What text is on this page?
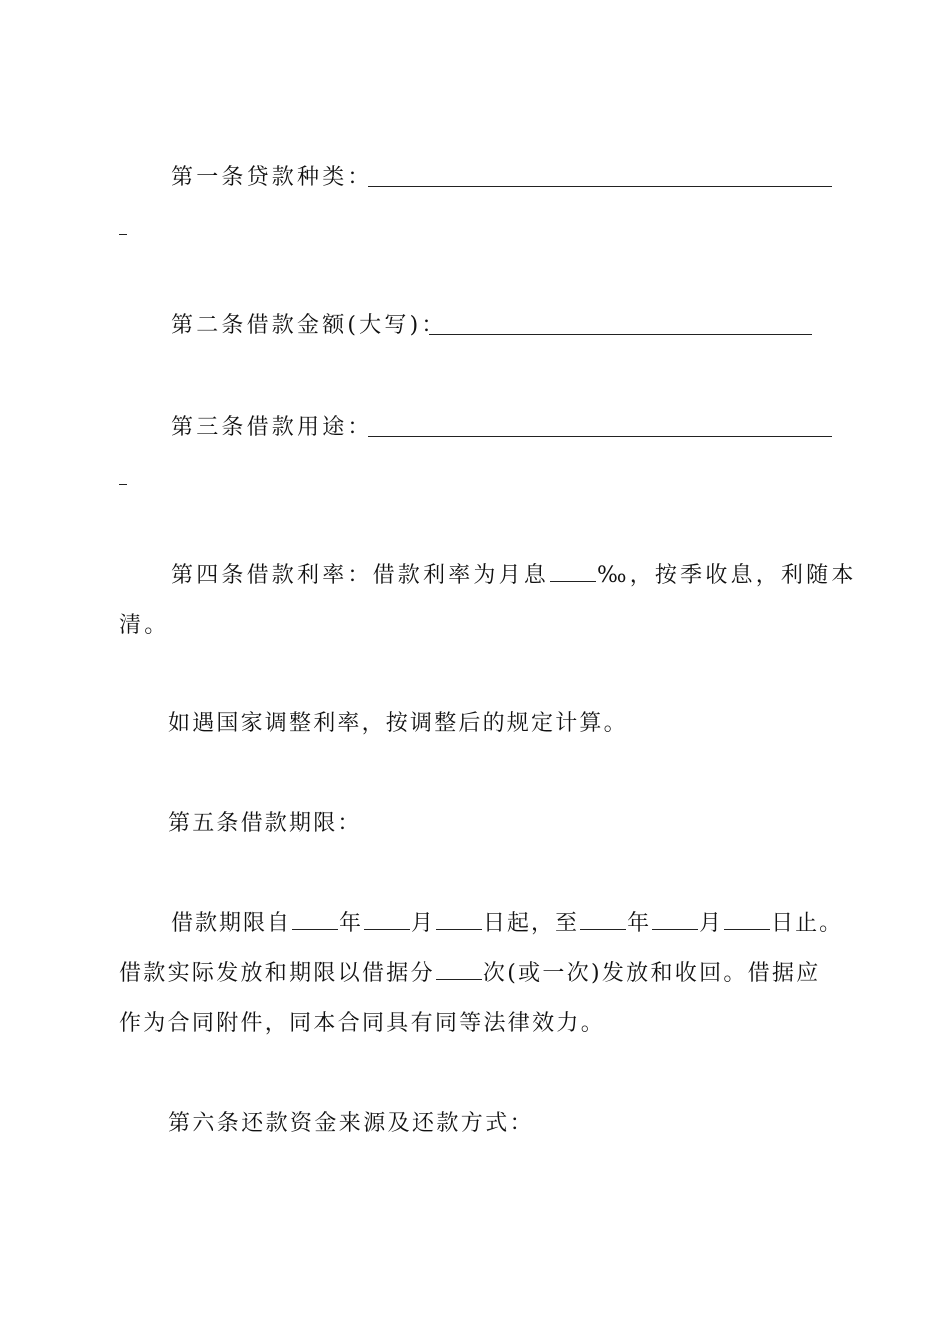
第一条贷款种类：
第二条借款金额(大写)：
第三条借款用途：
第四条借款利率：借款利率为月息 ‰，按季收息，利随本
清。
如遇国家调整利率，按调整后的规定计算。
第五条借款期限：
借款期限自 年 月 日起，至 年 月 日止。
借款实际发放和期限以借据分 次(或一次)发放和收回。借据应
作为合同附件，同本合同具有同等法律效力。
第六条还款资金来源及还款方式：
